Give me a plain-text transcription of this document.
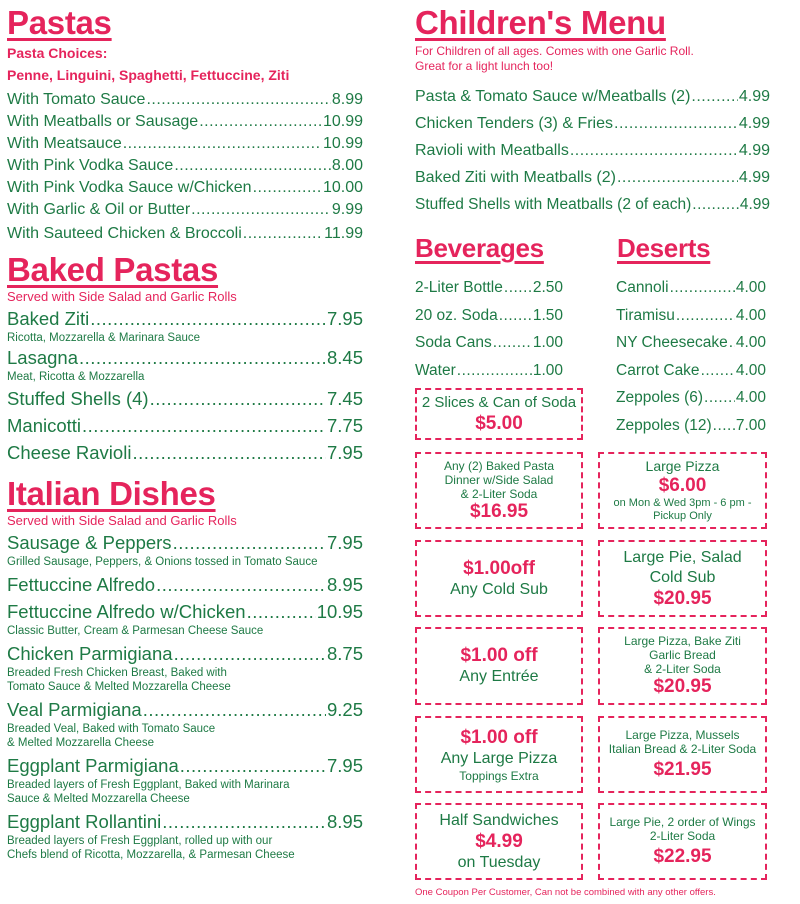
Pastas
Pasta Choices:
Penne, Linguini, Spaghetti, Fettuccine, Ziti
With Tomato Sauce .....	8.99
With Meatballs or Sausage .....	10.99
With Meatsauce .....	10.99
With Pink Vodka Sauce .....	8.00
With Pink Vodka Sauce w/Chicken .....	10.00
With Garlic & Oil or Butter .....	9.99
With Sauteed Chicken & Broccoli .....	11.99
Baked Pastas
Served with Side Salad and Garlic Rolls
Baked Ziti .....	7.95
Ricotta, Mozzarella & Marinara Sauce
Lasagna .....	8.45
Meat, Ricotta & Mozzarella
Stuffed Shells (4) .....	7.45
Manicotti .....	7.75
Cheese Ravioli .....	7.95
Italian Dishes
Served with Side Salad and Garlic Rolls
Sausage & Peppers .....	7.95
Grilled Sausage, Peppers, & Onions tossed in Tomato Sauce
Fettuccine Alfredo .....	8.95
Fettuccine Alfredo w/Chicken .....	10.95
Classic Butter, Cream & Parmesan Cheese Sauce
Chicken Parmigiana .....	8.75
Breaded Fresh Chicken Breast, Baked with
Tomato Sauce & Melted Mozzarella Cheese
Veal Parmigiana .....	9.25
Breaded Veal, Baked with Tomato Sauce
& Melted Mozzarella Cheese
Eggplant Parmigiana .....	7.95
Breaded layers of Fresh Eggplant, Baked with Marinara
Sauce & Melted Mozzarella Cheese
Eggplant Rollantini .....	8.95
Breaded layers of Fresh Eggplant, rolled up with our
Chefs blend of Ricotta, Mozzarella, & Parmesan Cheese
Children's Menu
For Children of all ages. Comes with one Garlic Roll.
Great for a light lunch too!
Pasta & Tomato Sauce w/Meatballs (2) .....	4.99
Chicken Tenders (3) & Fries .....	4.99
Ravioli with Meatballs .....	4.99
Baked Ziti with Meatballs (2) .....	4.99
Stuffed Shells with Meatballs (2 of each) .....	4.99
Beverages
2-Liter Bottle ..... 2.50
20 oz. Soda ..... 1.50
Soda Cans .....	1.00
Water .....	1.00
Deserts
Cannoli .....	4.00
Tiramisu .....	4.00
NY Cheesecake ..... 4.00
Carrot Cake ..... 4.00
Zeppoles (6) ..... 4.00
Zeppoles (12) ..... 7.00
2 Slices & Can of Soda
$5.00
Any (2) Baked Pasta
Dinner w/Side Salad
& 2-Liter Soda
$16.95
Large Pizza
$6.00
on Mon & Wed 3pm - 6 pm -
Pickup Only
$1.00off
Any Cold Sub
Large Pie, Salad
Cold Sub
$20.95
$1.00 off
Any Entrée
Large Pizza, Bake Ziti
Garlic Bread
& 2-Liter Soda
$20.95
$1.00 off
Any Large Pizza
Toppings Extra
Large Pizza, Mussels
Italian Bread & 2-Liter Soda
$21.95
Half Sandwiches
$4.99
on Tuesday
Large Pie, 2 order of Wings
2-Liter Soda
$22.95
One Coupon Per Customer, Can not be combined with any other offers.
